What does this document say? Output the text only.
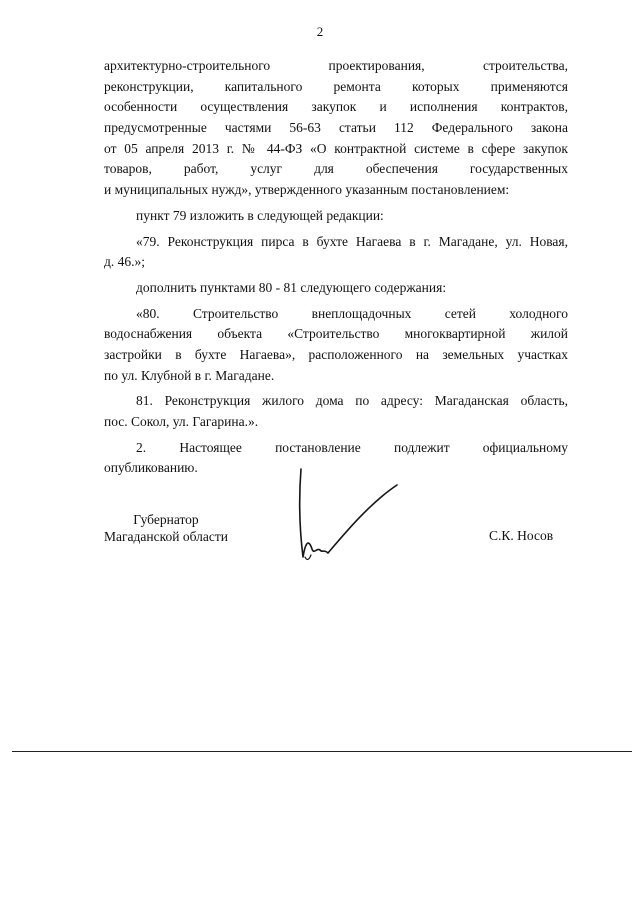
2
архитектурно-строительного проектирования, строительства,
реконструкции, капитального ремонта которых применяются
особенности осуществления закупок и исполнения контрактов,
предусмотренные частями 56-63 статьи 112 Федерального закона
от 05 апреля 2013 г. № 44-ФЗ «О контрактной системе в сфере закупок
товаров, работ, услуг для обеспечения государственных
и муниципальных нужд», утвержденного указанным постановлением:
пункт 79 изложить в следующей редакции:
«79. Реконструкция пирса в бухте Нагаева в г. Магадане, ул. Новая,
д. 46.»;
дополнить пунктами 80 - 81 следующего содержания:
«80. Строительство внеплощадочных сетей холодного
водоснабжения объекта «Строительство многоквартирной жилой
застройки в бухте Нагаева», расположенного на земельных участках
по ул. Клубной в г. Магадане.
81. Реконструкция жилого дома по адресу: Магаданская область,
пос. Сокол, ул. Гагарина.».
2. Настоящее постановление подлежит официальному
опубликованию.
Губернатор
Магаданской области	С.К. Носов
